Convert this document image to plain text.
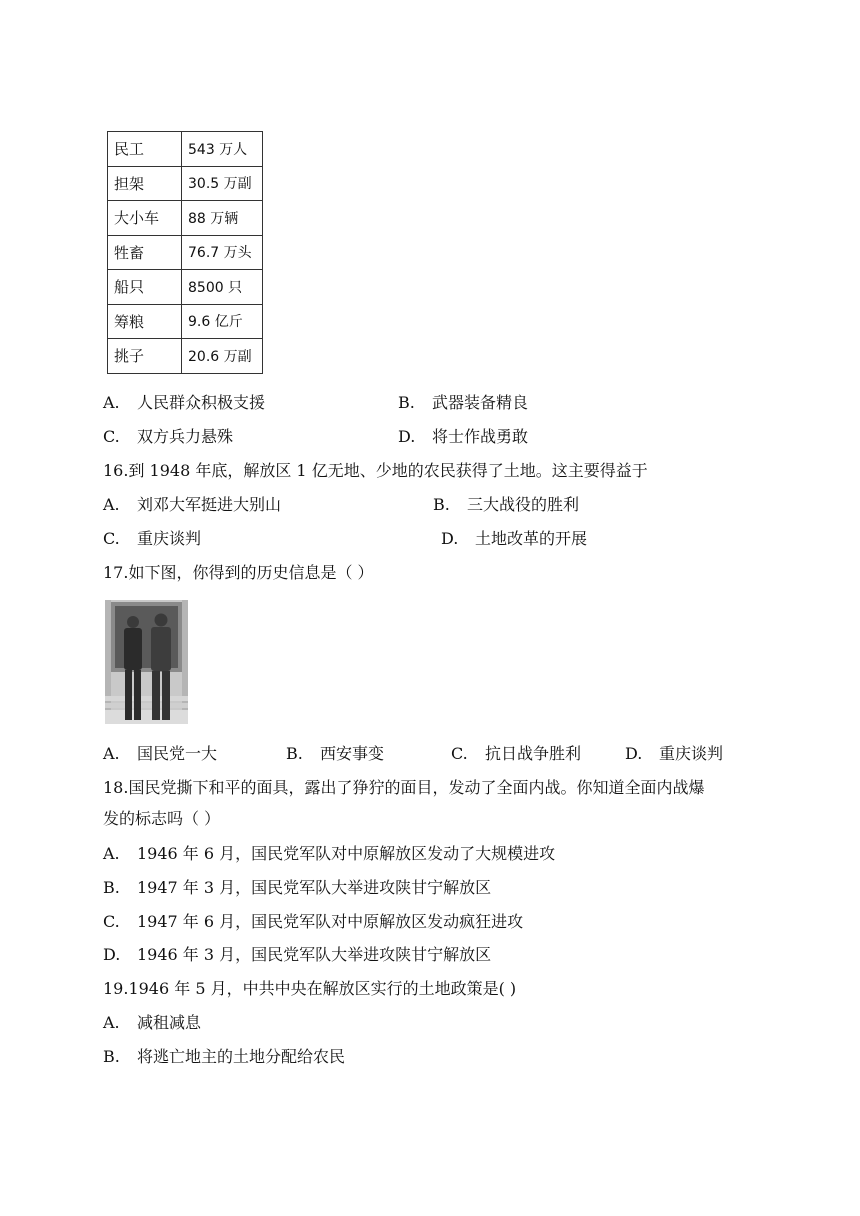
民工	543 万人
担架	30.5 万副
大小车	88 万辆
牲畜	76.7 万头
船只	8500 只
筹粮	9.6 亿斤
挑子	20.6 万副
A. 人民群众积极支援	B. 武器装备精良
C. 双方兵力悬殊	D. 将士作战勇敢
16.到 1948 年底，解放区 1 亿无地、少地的农民获得了土地。这主要得益于
A. 刘邓大军挺进大别山	B. 三大战役的胜利
C. 重庆谈判	D. 土地改革的开展
17.如下图，你得到的历史信息是（ ）
A. 国民党一大	B. 西安事变	C. 抗日战争胜利	D. 重庆谈判
18.国民党撕下和平的面具，露出了狰狞的面目，发动了全面内战。你知道全面内战爆
发的标志吗（ ）
A. 1946 年 6 月，国民党军队对中原解放区发动了大规模进攻
B. 1947 年 3 月，国民党军队大举进攻陕甘宁解放区
C. 1947 年 6 月，国民党军队对中原解放区发动疯狂进攻
D. 1946 年 3 月，国民党军队大举进攻陕甘宁解放区
19.1946 年 5 月，中共中央在解放区实行的土地政策是( )
A. 减租减息
B. 将逃亡地主的土地分配给农民
